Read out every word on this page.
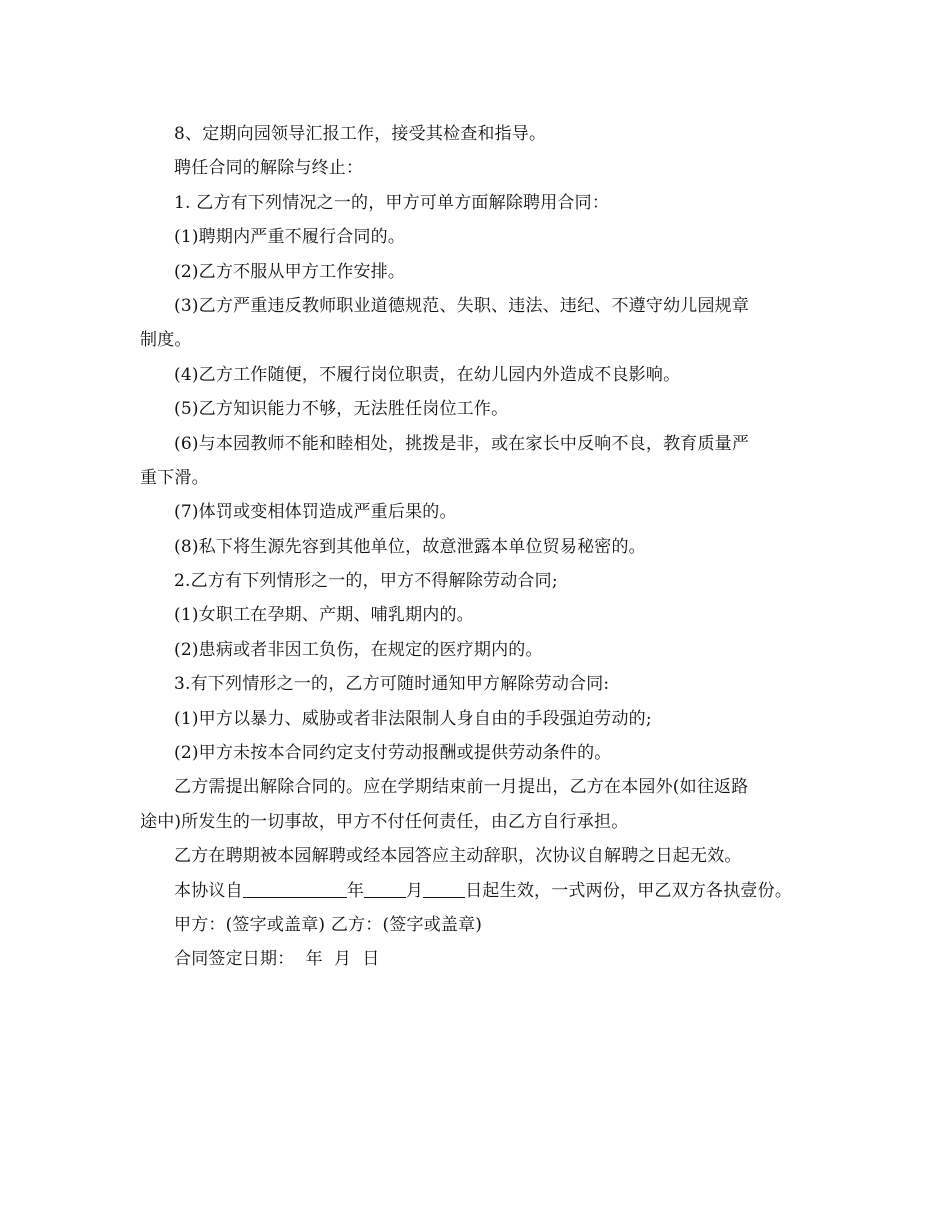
8、定期向园领导汇报工作，接受其检查和指导。
聘任合同的解除与终止：
1. 乙方有下列情况之一的，甲方可单方面解除聘用合同：
(1)聘期内严重不履行合同的。
(2)乙方不服从甲方工作安排。
(3)乙方严重违反教师职业道德规范、失职、违法、违纪、不遵守幼儿园规章
制度。
(4)乙方工作随便，不履行岗位职责，在幼儿园内外造成不良影响。
(5)乙方知识能力不够，无法胜任岗位工作。
(6)与本园教师不能和睦相处，挑拨是非，或在家长中反响不良，教育质量严
重下滑。
(7)体罚或变相体罚造成严重后果的。
(8)私下将生源先容到其他单位，故意泄露本单位贸易秘密的。
2.乙方有下列情形之一的，甲方不得解除劳动合同;
(1)女职工在孕期、产期、哺乳期内的。
(2)患病或者非因工负伤，在规定的医疗期内的。
3.有下列情形之一的，乙方可随时通知甲方解除劳动合同:
(1)甲方以暴力、威胁或者非法限制人身自由的手段强迫劳动的;
(2)甲方未按本合同约定支付劳动报酬或提供劳动条件的。
乙方需提出解除合同的。应在学期结束前一月提出，乙方在本园外(如往返路
途中)所发生的一切事故，甲方不付任何责任，由乙方自行承担。
乙方在聘期被本园解聘或经本园答应主动辞职，次协议自解聘之日起无效。
本协议自	年 月 日起生效，一式两份，甲乙双方各执壹份。
甲方：(签字或盖章) 乙方：(签字或盖章)
合同签定日期：  年  月  日
